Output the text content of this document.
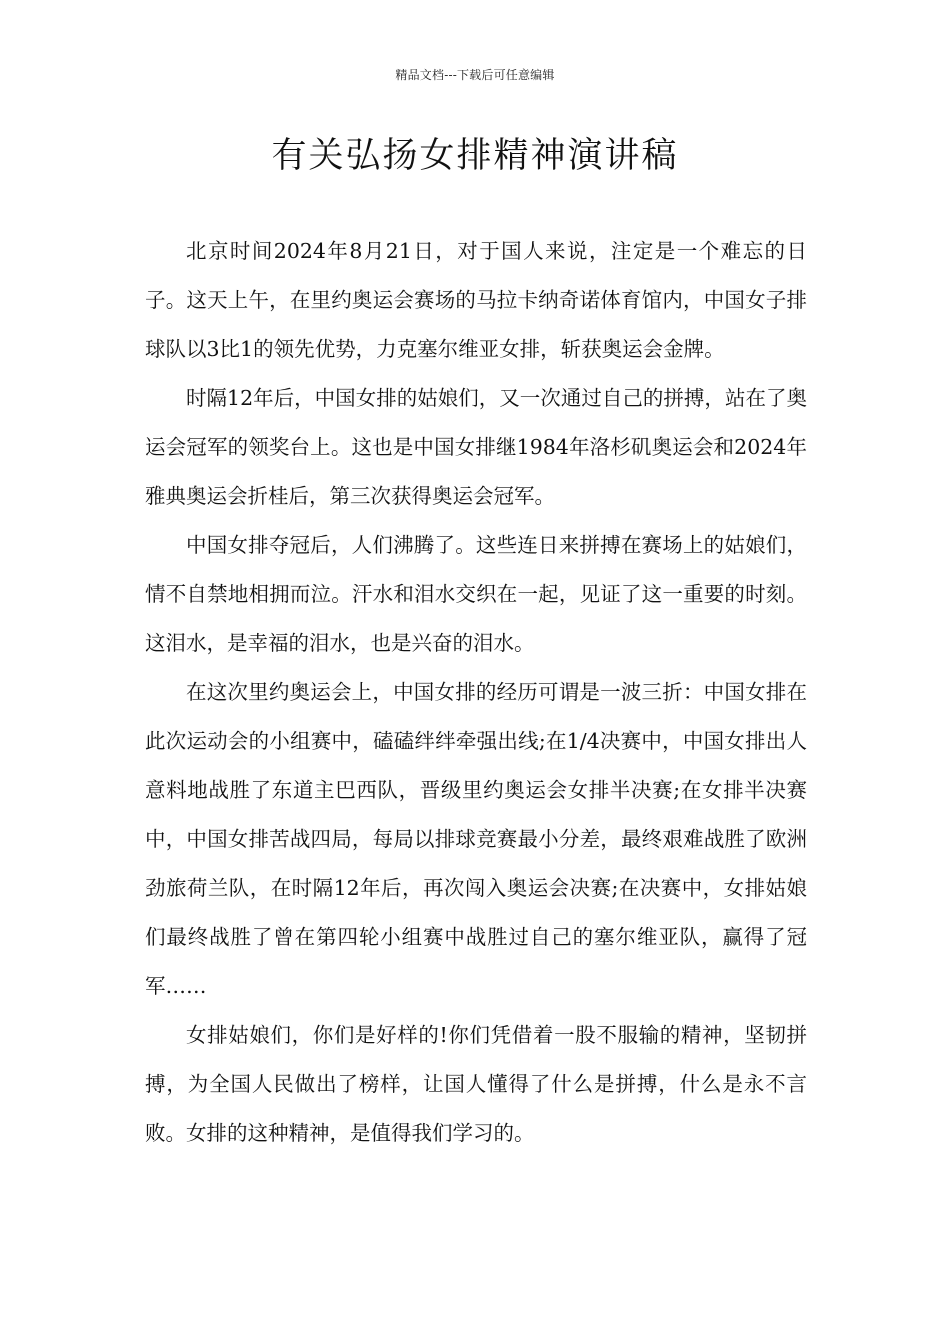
精品文档---下载后可任意编辑
有关弘扬女排精神演讲稿

北京时间2024年8月21日，对于国人来说，注定是一个难忘的日子。这天上午，在里约奥运会赛场的马拉卡纳奇诺体育馆内，中国女子排球队以3比1的领先优势，力克塞尔维亚女排，斩获奥运会金牌。

时隔12年后，中国女排的姑娘们，又一次通过自己的拼搏，站在了奥运会冠军的领奖台上。这也是中国女排继1984年洛杉矶奥运会和2024年雅典奥运会折桂后，第三次获得奥运会冠军。

中国女排夺冠后，人们沸腾了。这些连日来拼搏在赛场上的姑娘们，情不自禁地相拥而泣。汗水和泪水交织在一起，见证了这一重要的时刻。这泪水，是幸福的泪水，也是兴奋的泪水。

在这次里约奥运会上，中国女排的经历可谓是一波三折：中国女排在此次运动会的小组赛中，磕磕绊绊牵强出线;在1/4决赛中，中国女排出人意料地战胜了东道主巴西队，晋级里约奥运会女排半决赛;在女排半决赛中，中国女排苦战四局，每局以排球竞赛最小分差，最终艰难战胜了欧洲劲旅荷兰队，在时隔12年后，再次闯入奥运会决赛;在决赛中，女排姑娘们最终战胜了曾在第四轮小组赛中战胜过自己的塞尔维亚队，赢得了冠军……

女排姑娘们，你们是好样的!你们凭借着一股不服输的精神，坚韧拼搏，为全国人民做出了榜样，让国人懂得了什么是拼搏，什么是永不言败。女排的这种精神，是值得我们学习的。
